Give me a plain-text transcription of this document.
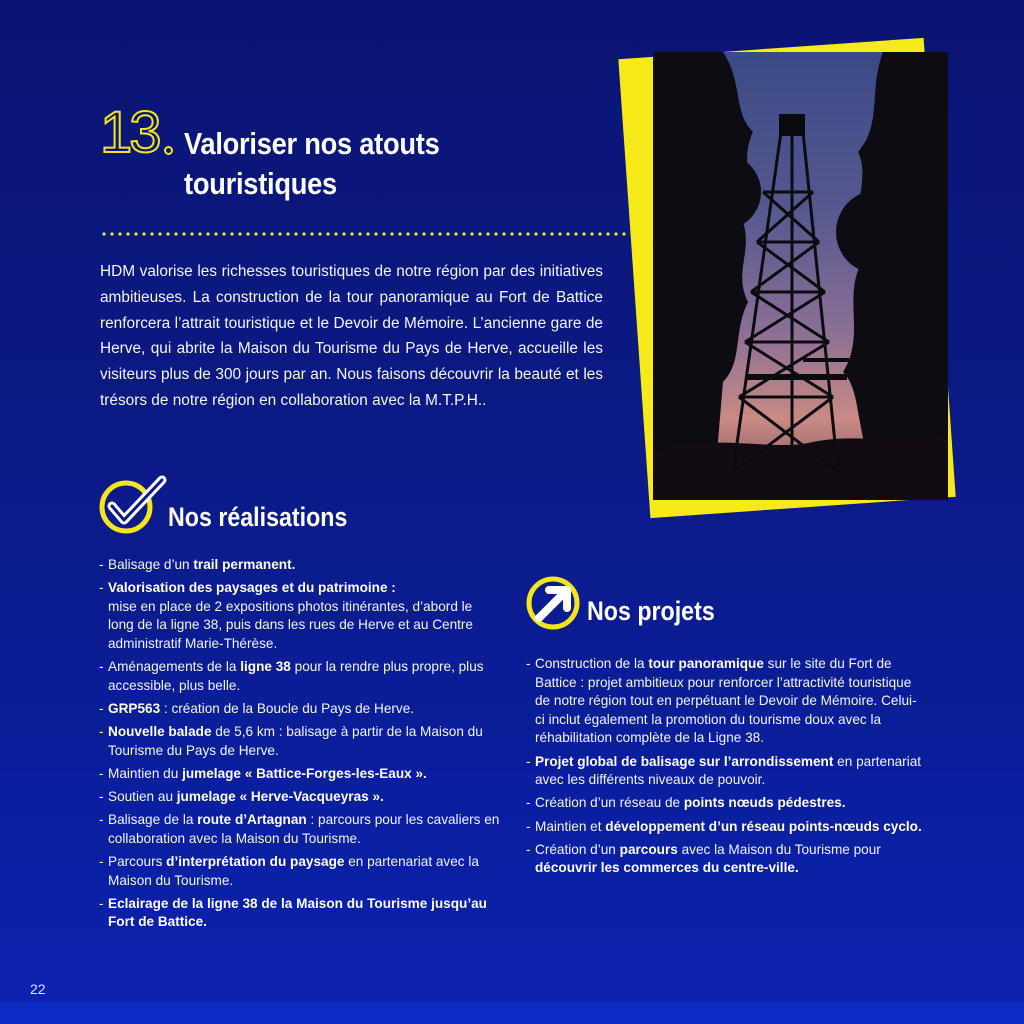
13 Valoriser nos atouts touristiques

HDM valorise les richesses touristiques de notre région par des initiatives ambitieuses. La construction de la tour panoramique au Fort de Battice renforcera l’attrait touristique et le Devoir de Mémoire. L’ancienne gare de Herve, qui abrite la Maison du Tourisme du Pays de Herve, accueille les visiteurs plus de 300 jours par an. Nous faisons découvrir la beauté et les trésors de notre région en collaboration avec la M.T.P.H..

Nos réalisations
- Balisage d’un trail permanent.
- Valorisation des paysages et du patrimoine :
mise en place de 2 expositions photos itinérantes, d’abord le long de la ligne 38, puis dans les rues de Herve et au Centre administratif Marie-Thérèse.
- Aménagements de la ligne 38 pour la rendre plus propre, plus accessible, plus belle.
- GRP563 : création de la Boucle du Pays de Herve.
- Nouvelle balade de 5,6 km : balisage à partir de la Maison du Tourisme du Pays de Herve.
- Maintien du jumelage « Battice-Forges-les-Eaux ».
- Soutien au jumelage « Herve-Vacqueyras ».
- Balisage de la route d’Artagnan : parcours pour les cavaliers en collaboration avec la Maison du Tourisme.
- Parcours d’interprétation du paysage en partenariat avec la Maison du Tourisme.
- Eclairage de la ligne 38 de la Maison du Tourisme jusqu’au Fort de Battice.
Nos projets
- Construction de la tour panoramique sur le site du Fort de Battice : projet ambitieux pour renforcer l’attractivité touristique de notre région tout en perpétuant le Devoir de Mémoire. Celui-ci inclut également la promotion du tourisme doux avec la réhabilitation complète de la Ligne 38.
- Projet global de balisage sur l’arrondissement en partenariat avec les différents niveaux de pouvoir.
- Création d’un réseau de points nœuds pédestres.
- Maintien et développement d’un réseau points-nœuds cyclo.
- Création d’un parcours avec la Maison du Tourisme pour découvrir les commerces du centre-ville.
22
